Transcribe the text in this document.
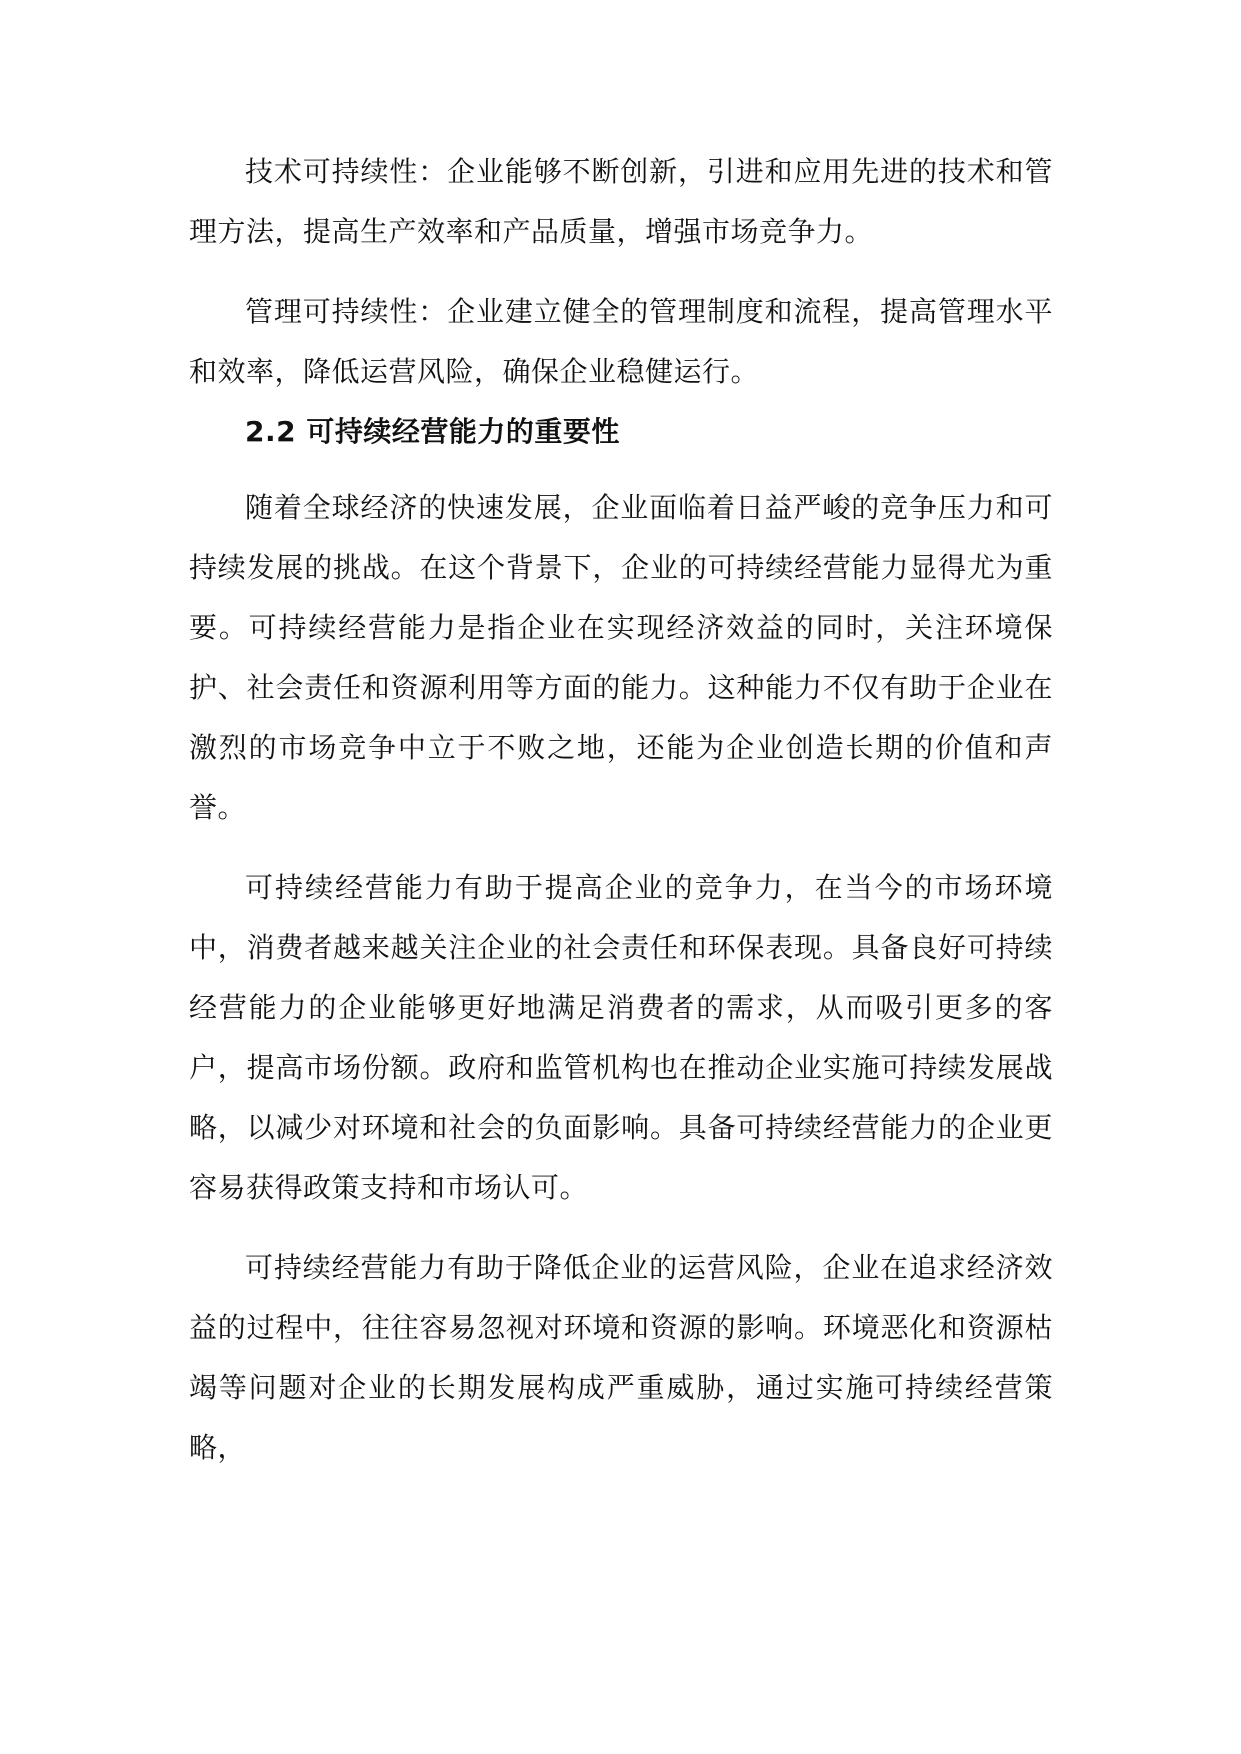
技术可持续性：企业能够不断创新，引进和应用先进的技术和管理方法，提高生产效率和产品质量，增强市场竞争力。

管理可持续性：企业建立健全的管理制度和流程，提高管理水平和效率，降低运营风险，确保企业稳健运行。

2.2 可持续经营能力的重要性

随着全球经济的快速发展，企业面临着日益严峻的竞争压力和可持续发展的挑战。在这个背景下，企业的可持续经营能力显得尤为重要。可持续经营能力是指企业在实现经济效益的同时，关注环境保护、社会责任和资源利用等方面的能力。这种能力不仅有助于企业在激烈的市场竞争中立于不败之地，还能为企业创造长期的价值和声誉。

可持续经营能力有助于提高企业的竞争力，在当今的市场环境中，消费者越来越关注企业的社会责任和环保表现。具备良好可持续经营能力的企业能够更好地满足消费者的需求，从而吸引更多的客户，提高市场份额。政府和监管机构也在推动企业实施可持续发展战略，以减少对环境和社会的负面影响。具备可持续经营能力的企业更容易获得政策支持和市场认可。

可持续经营能力有助于降低企业的运营风险，企业在追求经济效益的过程中，往往容易忽视对环境和资源的影响。环境恶化和资源枯竭等问题对企业的长期发展构成严重威胁，通过实施可持续经营策略，
